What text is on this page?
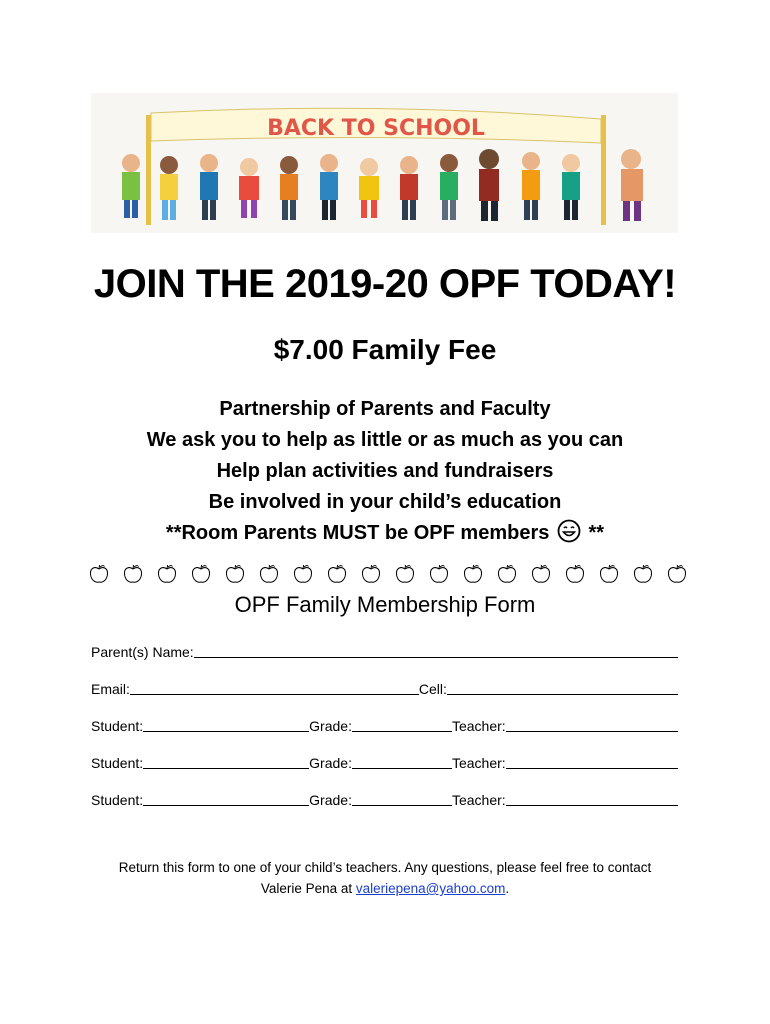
BACK TO SCHOOL
JOIN THE 2019-20 OPF TODAY!
$7.00 Family Fee
Partnership of Parents and Faculty
We ask you to help as little or as much as you can
Help plan activities and fundraisers
Be involved in your child’s education
**Room Parents MUST be OPF members **
OPF Family Membership Form
Parent(s) Name:
Email:	Cell:
Student:	Grade:	Teacher:
Student:	Grade:	Teacher:
Student:	Grade:	Teacher:
Return this form to one of your child’s teachers. Any questions, please feel free to contact
Valerie Pena at valeriepena@yahoo.com.
